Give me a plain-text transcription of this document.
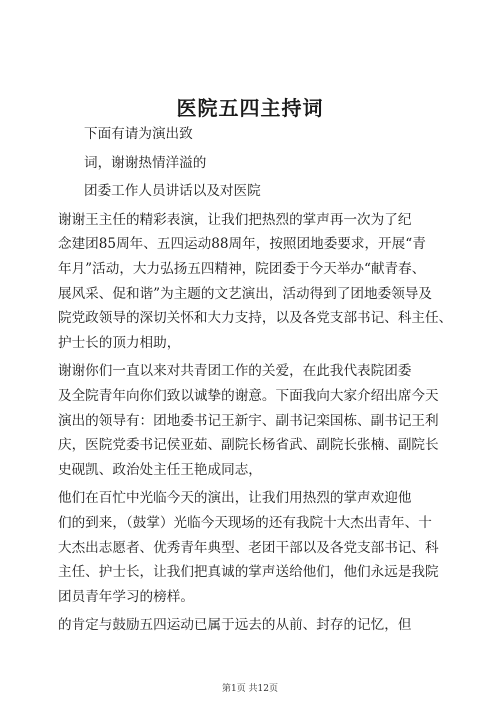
医院五四主持词

下面有请为演出致

词，谢谢热情洋溢的

团委工作人员讲话以及对医院

谢谢王主任的精彩表演，让我们把热烈的掌声再一次为了纪

念建团85周年、五四运动88周年，按照团地委要求，开展“青

年月”活动，大力弘扬五四精神，院团委于今天举办“献青春、

展风采、促和谐”为主题的文艺演出，活动得到了团地委领导及

院党政领导的深切关怀和大力支持，以及各党支部书记、科主任、

护士长的顶力相助，

谢谢你们一直以来对共青团工作的关爱，在此我代表院团委

及全院青年向你们致以诚挚的谢意。下面我向大家介绍出席今天

演出的领导有：团地委书记王新宇、副书记栾国栋、副书记王利

庆，医院党委书记侯亚茹、副院长杨省武、副院长张楠、副院长

史砚凯、政治处主任王艳成同志，

他们在百忙中光临今天的演出，让我们用热烈的掌声欢迎他

们的到来，（鼓掌）光临今天现场的还有我院十大杰出青年、十

大杰出志愿者、优秀青年典型、老团干部以及各党支部书记、科

主任、护士长，让我们把真诚的掌声送给他们，他们永远是我院

团员青年学习的榜样。

的肯定与鼓励五四运动已属于远去的从前、封存的记忆，但

第1页 共12页
